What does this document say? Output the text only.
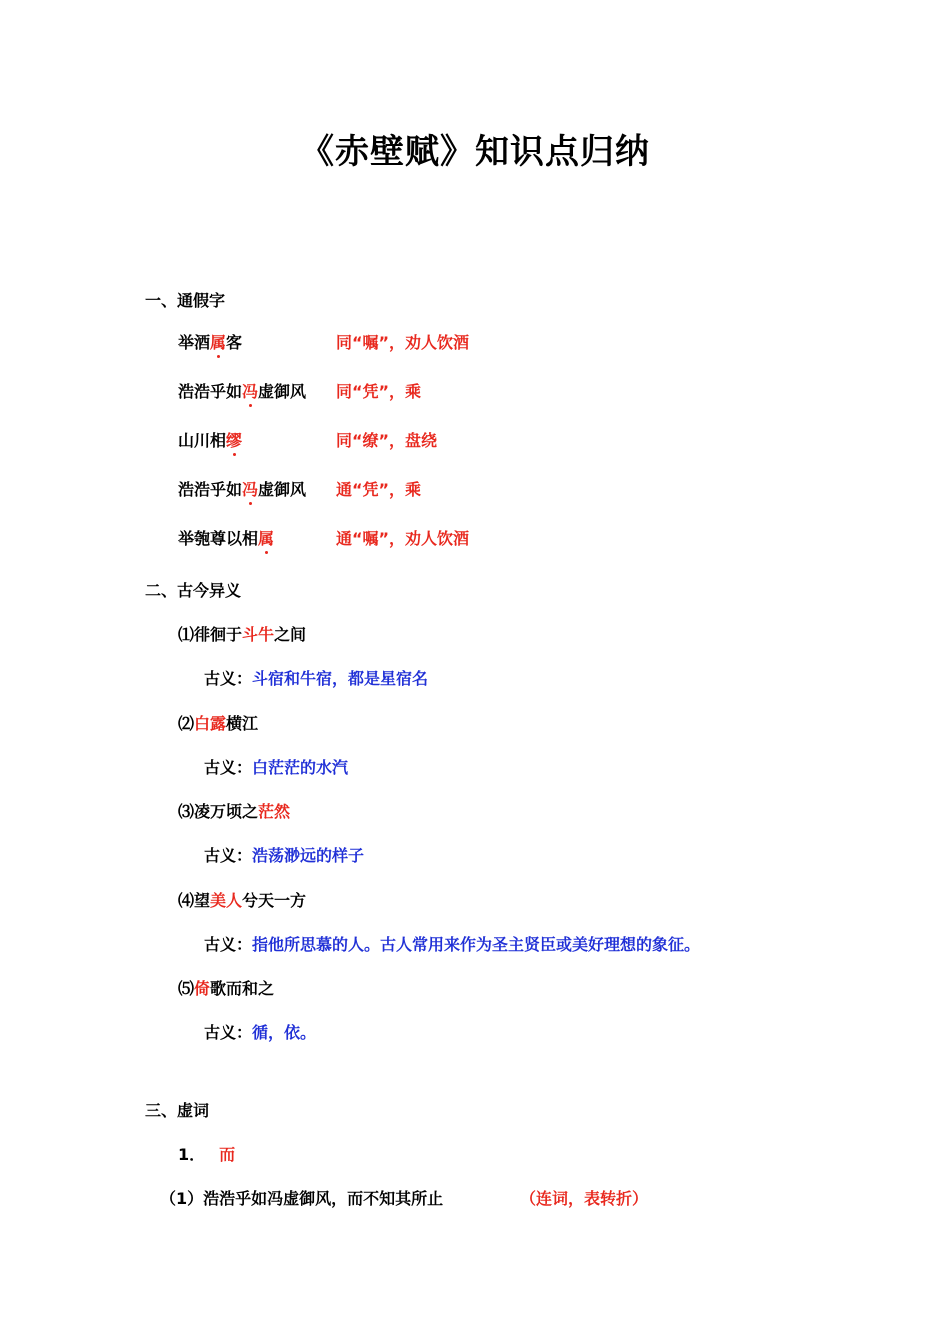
《赤壁赋》知识点归纳
一、通假字
举酒属客	同“嘱”，劝人饮酒
浩浩乎如冯虚御风 同“凭”，乘
山川相缪	同“缭”，盘绕
浩浩乎如冯虚御风 通“凭”，乘
举匏尊以相属	通“嘱”，劝人饮酒
二、古今异义
⑴徘徊于斗牛之间
古义：斗宿和牛宿，都是星宿名
⑵白露横江
古义：白茫茫的水汽
⑶凌万顷之茫然
古义：浩荡渺远的样子
⑷望美人兮天一方
古义：指他所思慕的人。古人常用来作为圣主贤臣或美好理想的象征。
⑸倚歌而和之
古义：循，依。
三、虚词
1． 而
（1）浩浩乎如冯虚御风，而不知其所止	（连词，表转折）
